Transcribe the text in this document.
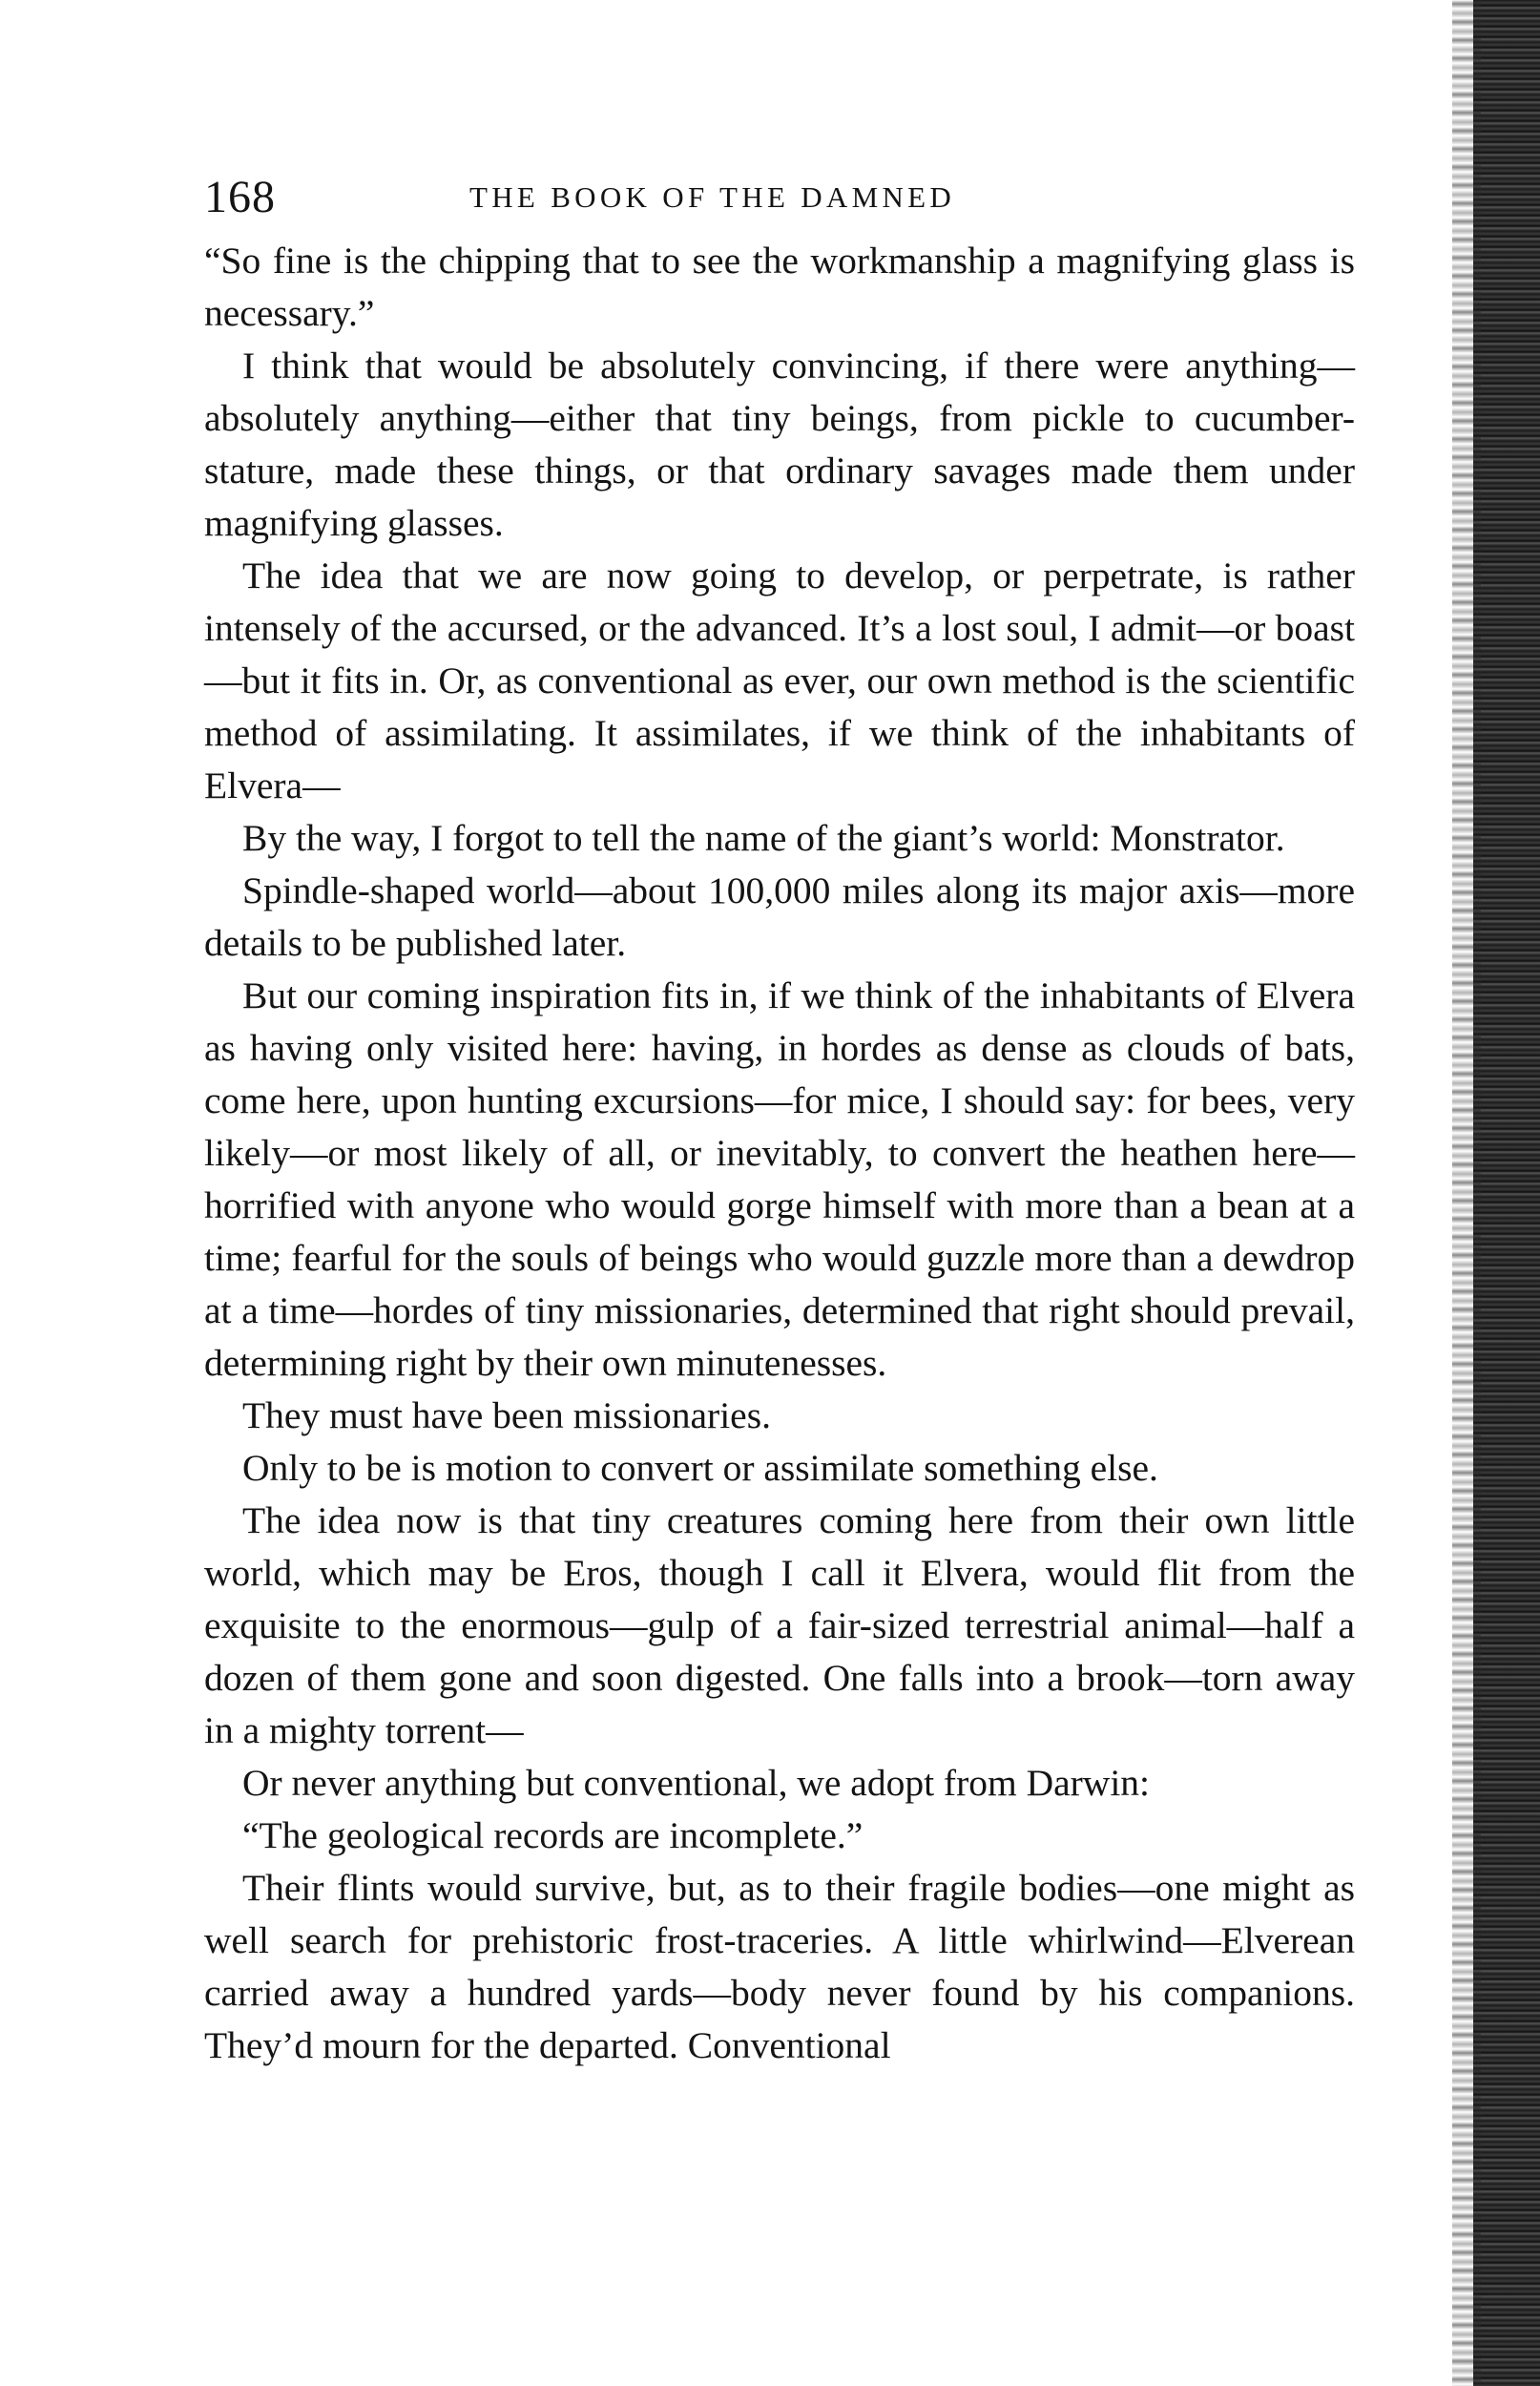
168	THE BOOK OF THE DAMNED

“So fine is the chipping that to see the workmanship a magnifying glass is necessary.”

I think that would be absolutely convincing, if there were anything—absolutely anything—either that tiny beings, from pickle to cucumber-stature, made these things, or that ordinary savages made them under magnifying glasses.

The idea that we are now going to develop, or perpetrate, is rather intensely of the accursed, or the advanced. It’s a lost soul, I admit—or boast—but it fits in. Or, as conventional as ever, our own method is the scientific method of assimilating. It assimilates, if we think of the inhabitants of Elvera—

By the way, I forgot to tell the name of the giant’s world: Monstrator.

Spindle-shaped world—about 100,000 miles along its major axis—more details to be published later.

But our coming inspiration fits in, if we think of the inhabitants of Elvera as having only visited here: having, in hordes as dense as clouds of bats, come here, upon hunting excursions—for mice, I should say: for bees, very likely—or most likely of all, or inevitably, to convert the heathen here—horrified with anyone who would gorge himself with more than a bean at a time; fearful for the souls of beings who would guzzle more than a dewdrop at a time—hordes of tiny missionaries, determined that right should prevail, determining right by their own minutenesses.

They must have been missionaries.

Only to be is motion to convert or assimilate something else.

The idea now is that tiny creatures coming here from their own little world, which may be Eros, though I call it Elvera, would flit from the exquisite to the enormous—gulp of a fair-sized terrestrial animal—half a dozen of them gone and soon digested. One falls into a brook—torn away in a mighty torrent—

Or never anything but conventional, we adopt from Darwin:

“The geological records are incomplete.”

Their flints would survive, but, as to their fragile bodies—one might as well search for prehistoric frost-traceries. A little whirlwind—Elverean carried away a hundred yards—body never found by his companions. They’d mourn for the departed. Conventional
